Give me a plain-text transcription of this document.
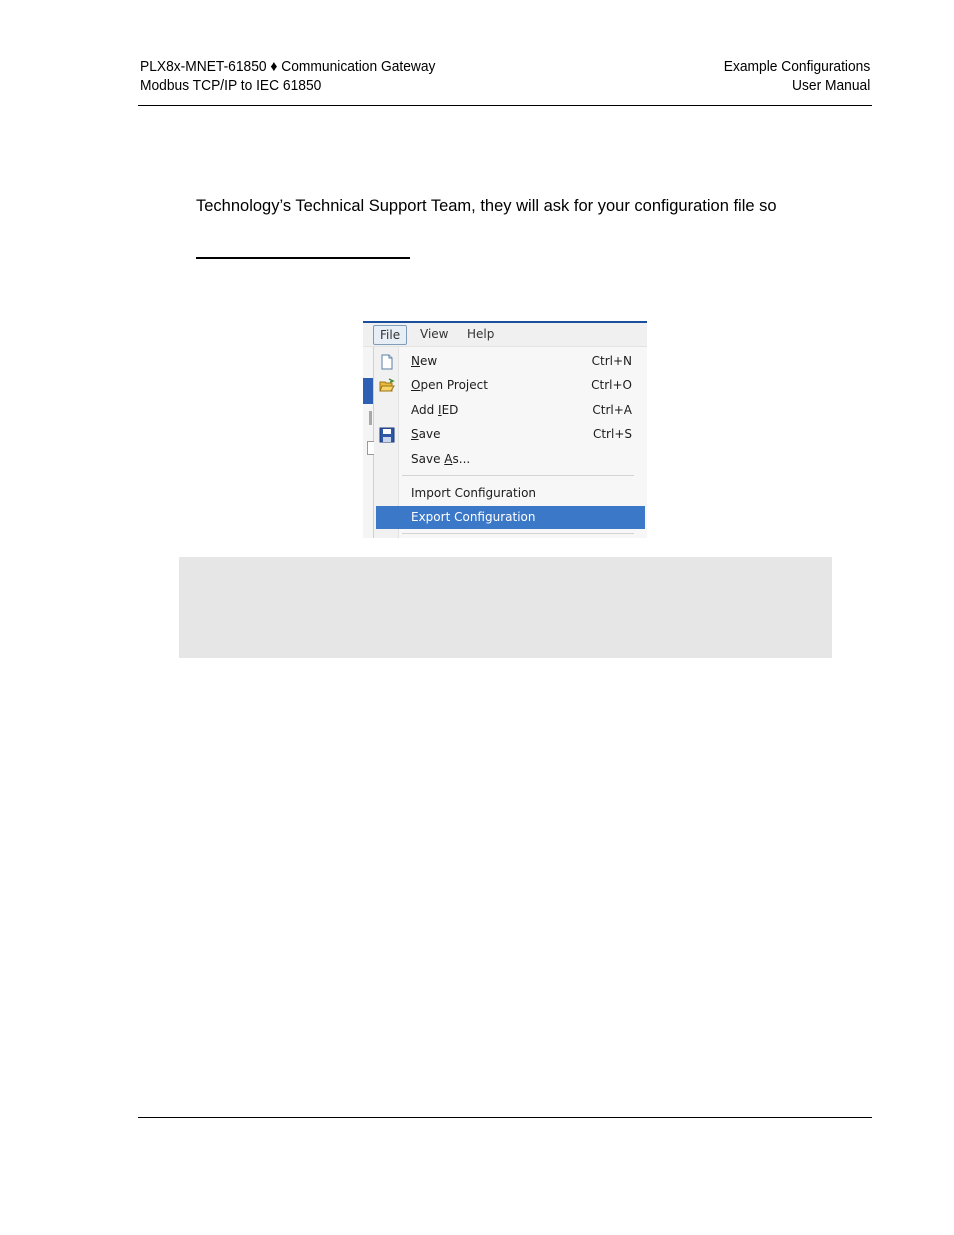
PLX8x-MNET-61850 ♦ Communication Gateway
Modbus TCP/IP to IEC 61850
Example Configurations
User Manual
Technology’s Technical Support Team, they will ask for your configuration file so
File	View	Help
New	Ctrl+N
Open Project	Ctrl+O
Add IED	Ctrl+A
Save	Ctrl+S
Save As...
Import Configuration
Export Configuration
